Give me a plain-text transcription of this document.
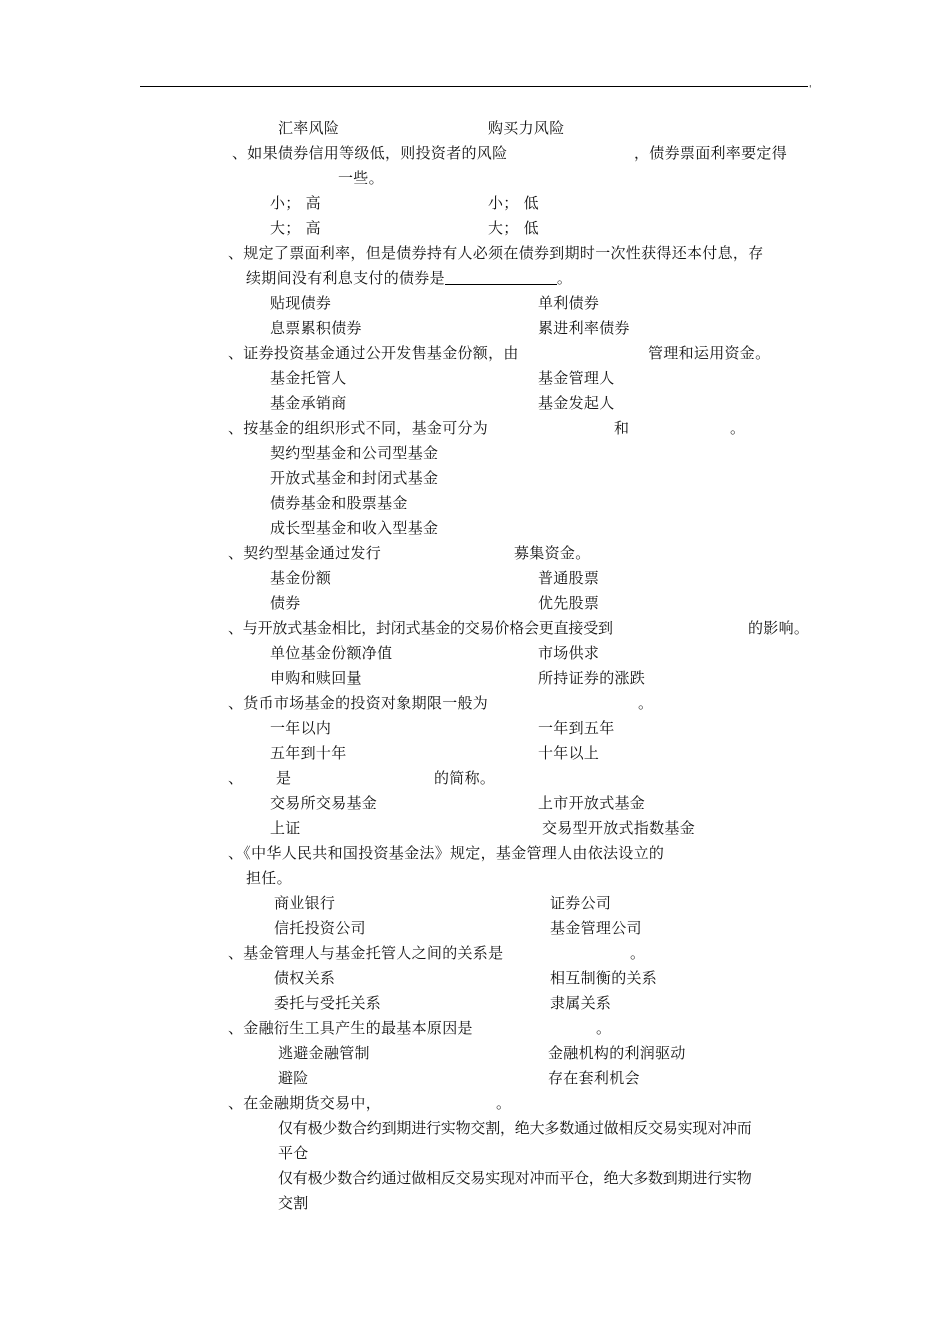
'
汇率风险	购买力风险
、如果债券信用等级低，则投资者的风险	，债券票面利率要定得
一些。
小； 高	小； 低
大； 高	大； 低
、规定了票面利率，但是债券持有人必须在债券到期时一次性获得还本付息，存
续期间没有利息支付的债券是	。
贴现债券	单利债券
息票累积债券	累进利率债券
、证券投资基金通过公开发售基金份额，由	管理和运用资金。
基金托管人	基金管理人
基金承销商	基金发起人
、按基金的组织形式不同，基金可分为	和	。
契约型基金和公司型基金
开放式基金和封闭式基金
债券基金和股票基金
成长型基金和收入型基金
、契约型基金通过发行	募集资金。
基金份额	普通股票
债券	优先股票
、与开放式基金相比，封闭式基金的交易价格会更直接受到	的影响。
单位基金份额净值	市场供求
申购和赎回量	所持证券的涨跌
、货币市场基金的投资对象期限一般为	。
一年以内	一年到五年
五年到十年	十年以上
、 是	的简称。
交易所交易基金	上市开放式基金
上证	交易型开放式指数基金
、《中华人民共和国投资基金法》规定，基金管理人由依法设立的
担任。
商业银行	证券公司
信托投资公司	基金管理公司
、基金管理人与基金托管人之间的关系是	。
债权关系	相互制衡的关系
委托与受托关系	隶属关系
、金融衍生工具产生的最基本原因是	。
逃避金融管制	金融机构的利润驱动
避险	存在套利机会
、在金融期货交易中，	。
仅有极少数合约到期进行实物交割，绝大多数通过做相反交易实现对冲而
平仓
仅有极少数合约通过做相反交易实现对冲而平仓，绝大多数到期进行实物
交割
